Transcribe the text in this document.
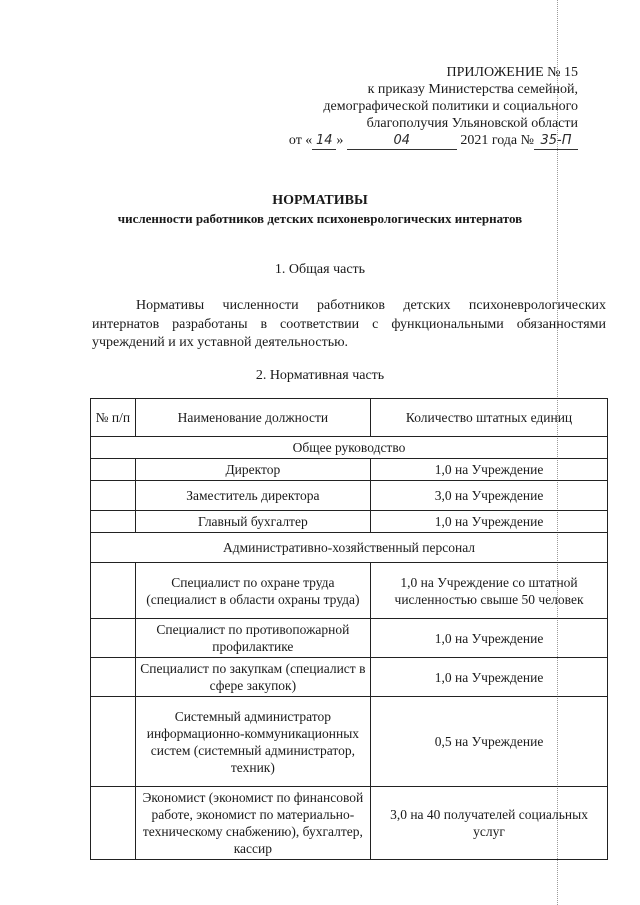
ПРИЛОЖЕНИЕ № 15
к приказу Министерства семейной,
демографической политики и социального
благополучия Ульяновской области
от « 14 »	04	2021 года № 35-П
НОРМАТИВЫ
численности работников детских психоневрологических интернатов
1. Общая часть
Нормативы численности работников детских психоневрологических интернатов разработаны в соответствии с функциональными обязанностями учреждений и их уставной деятельностью.
2. Нормативная часть
№ п/п	Наименование должности	Количество штатных единиц
Общее руководство		
	Директор	1,0 на Учреждение
	Заместитель директора	3,0 на Учреждение
	Главный бухгалтер	1,0 на Учреждение
Административно-хозяйственный персонал		
	Специалист по охране труда (специалист в области охраны труда)	1,0 на Учреждение со штатной численностью свыше 50 человек
	Специалист по противопожарной профилактике	1,0 на Учреждение
	Специалист по закупкам (специалист в сфере закупок)	1,0 на Учреждение
	Системный администратор информационно-коммуникационных систем (системный администратор, техник)	0,5 на Учреждение
	Экономист (экономист по финансовой работе, экономист по материально-техническому снабжению), бухгалтер, кассир	3,0 на 40 получателей социальных услуг
